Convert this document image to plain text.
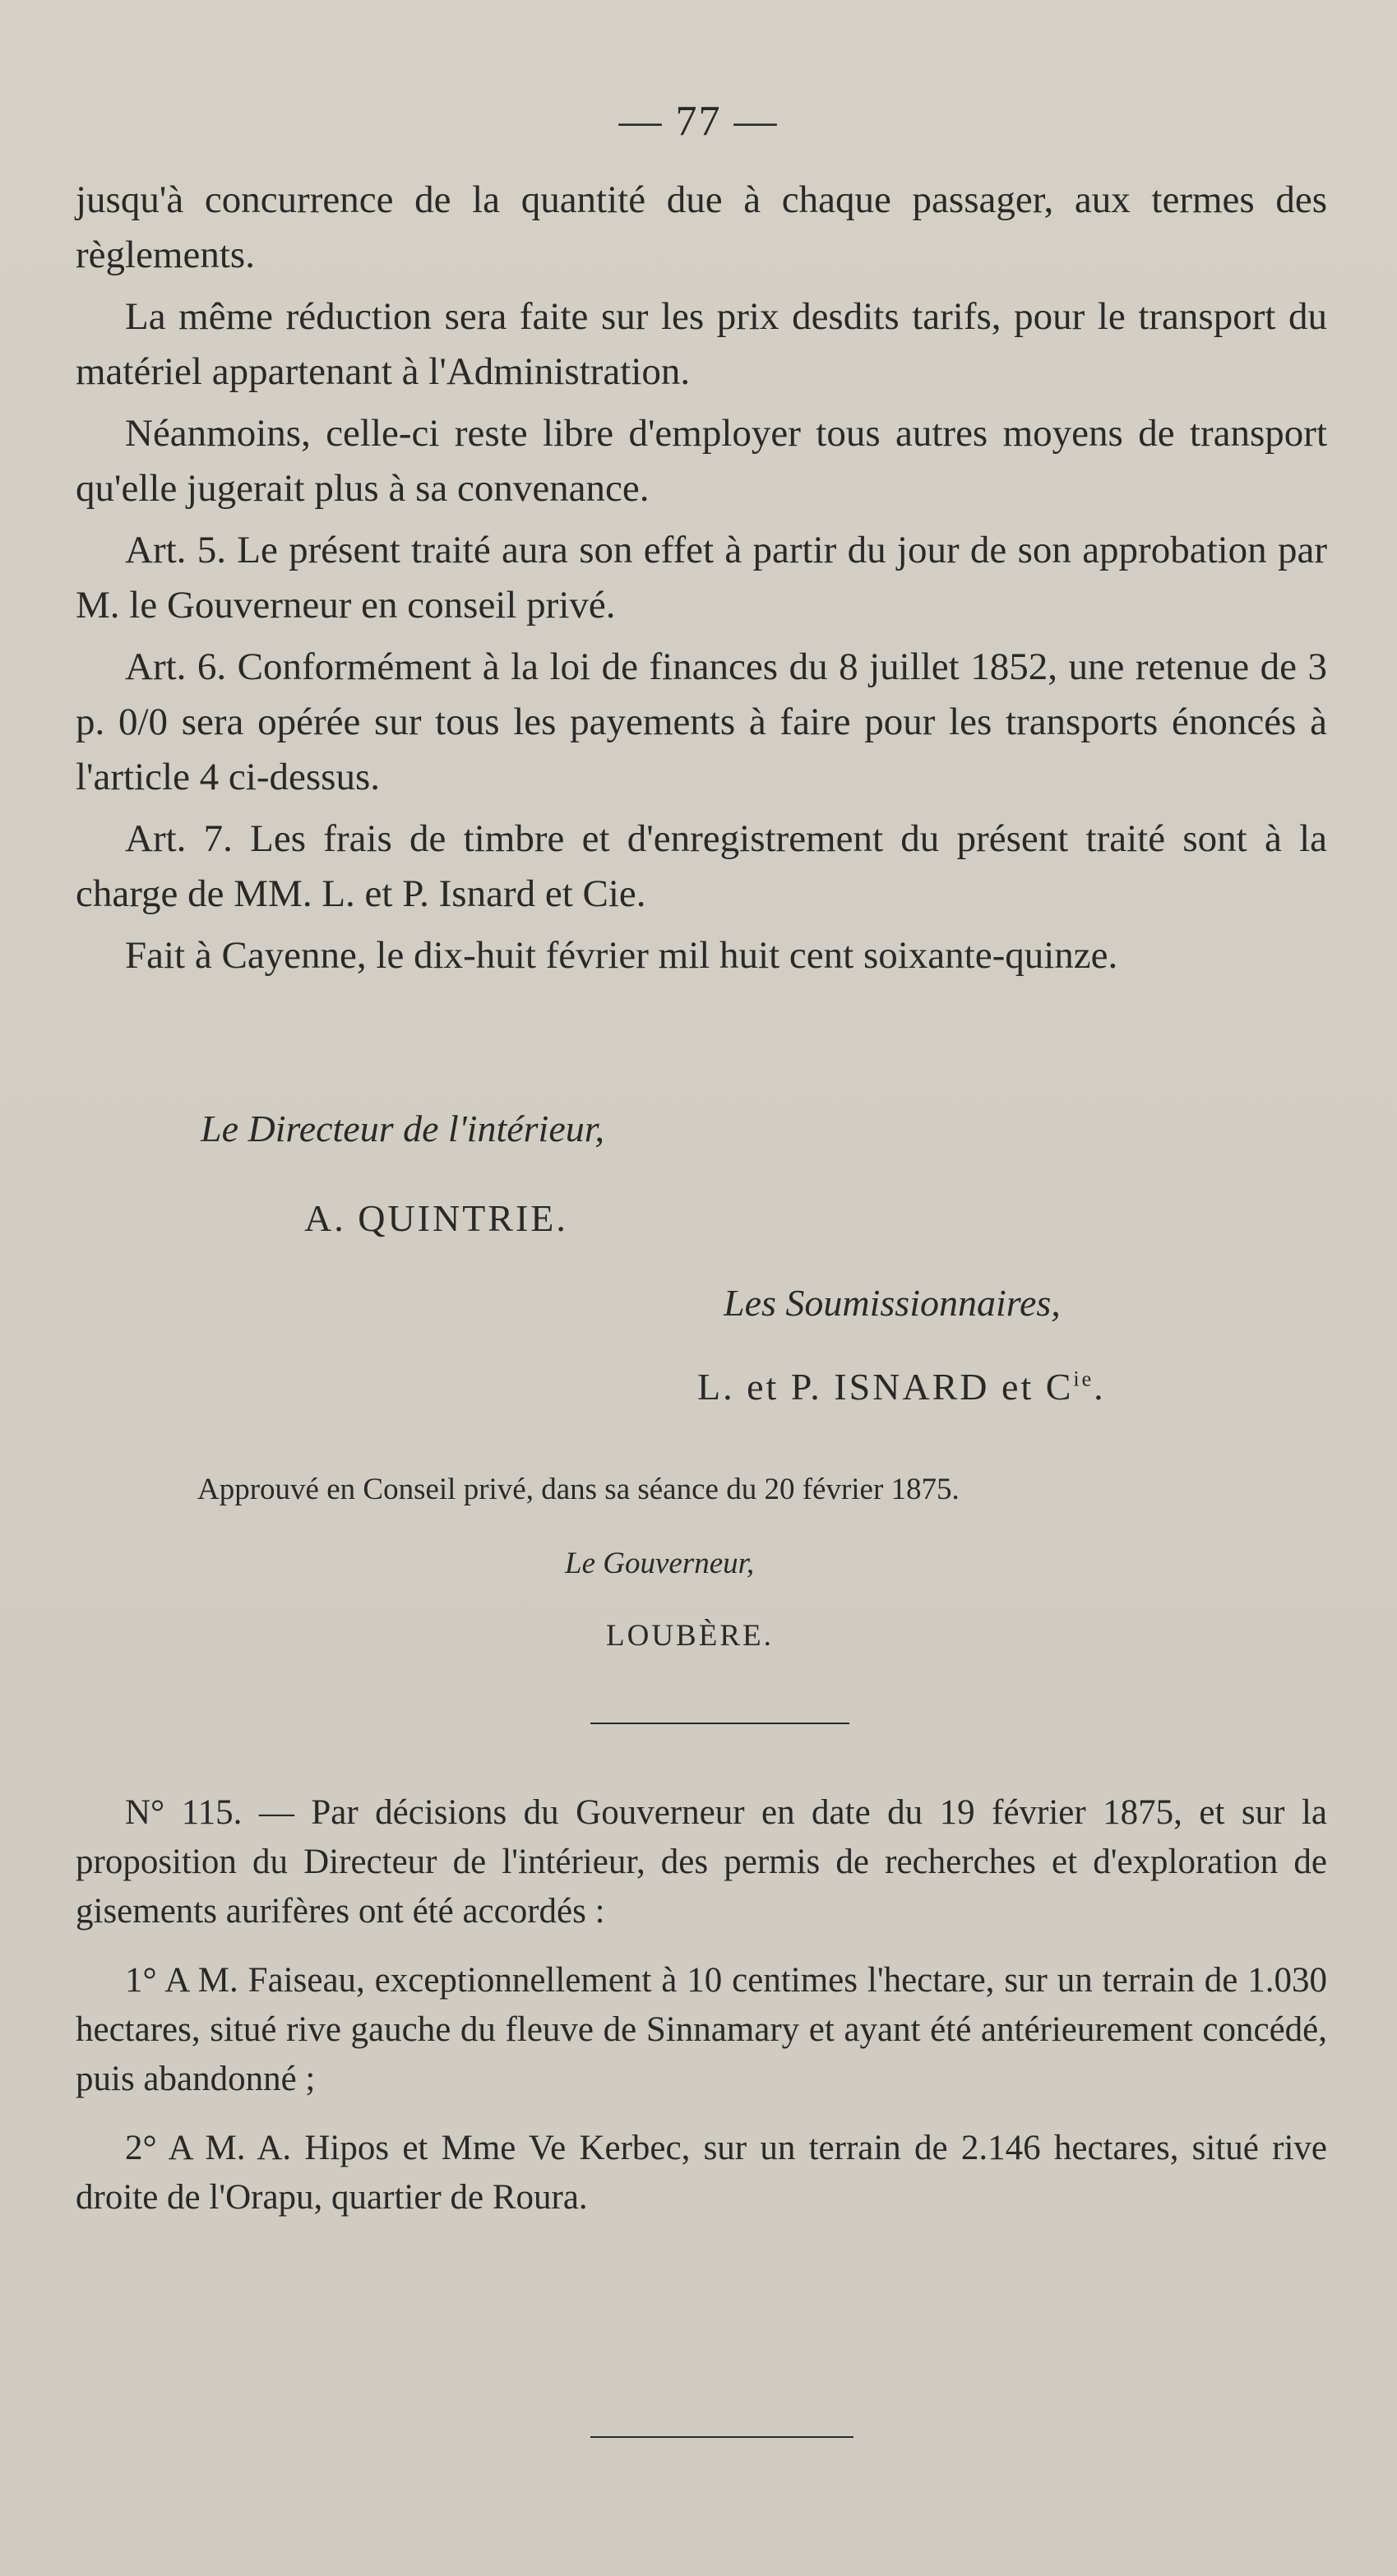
— 77 —

jusqu'à concurrence de la quantité due à chaque passager, aux termes des règlements.

La même réduction sera faite sur les prix desdits tarifs, pour le transport du matériel appartenant à l'Administration.

Néanmoins, celle-ci reste libre d'employer tous autres moyens de transport qu'elle jugerait plus à sa convenance.

Art. 5. Le présent traité aura son effet à partir du jour de son approbation par M. le Gouverneur en conseil privé.

Art. 6. Conformément à la loi de finances du 8 juillet 1852, une retenue de 3 p. 0/0 sera opérée sur tous les payements à faire pour les transports énoncés à l'article 4 ci-dessus.

Art. 7. Les frais de timbre et d'enregistrement du présent traité sont à la charge de MM. L. et P. Isnard et Cie.

Fait à Cayenne, le dix-huit février mil huit cent soixante-quinze.

Le Directeur de l'intérieur,
A. QUINTRIE.
Les Soumissionnaires,
L. et P. ISNARD et $C^{ie}$.
Approuvé en Conseil privé, dans sa séance du 20 février 1875.
Le Gouverneur,
LOUBÈRE.

N° 115. — Par décisions du Gouverneur en date du 19 février 1875, et sur la proposition du Directeur de l'intérieur, des permis de recherches et d'exploration de gisements aurifères ont été accordés :

1° A M. Faiseau, exceptionnellement à 10 centimes l'hectare, sur un terrain de 1.030 hectares, situé rive gauche du fleuve de Sinnamary et ayant été antérieurement concédé, puis abandonné ;

2° A M. A. Hipos et Mme Ve Kerbec, sur un terrain de 2.146 hectares, situé rive droite de l'Orapu, quartier de Roura.
